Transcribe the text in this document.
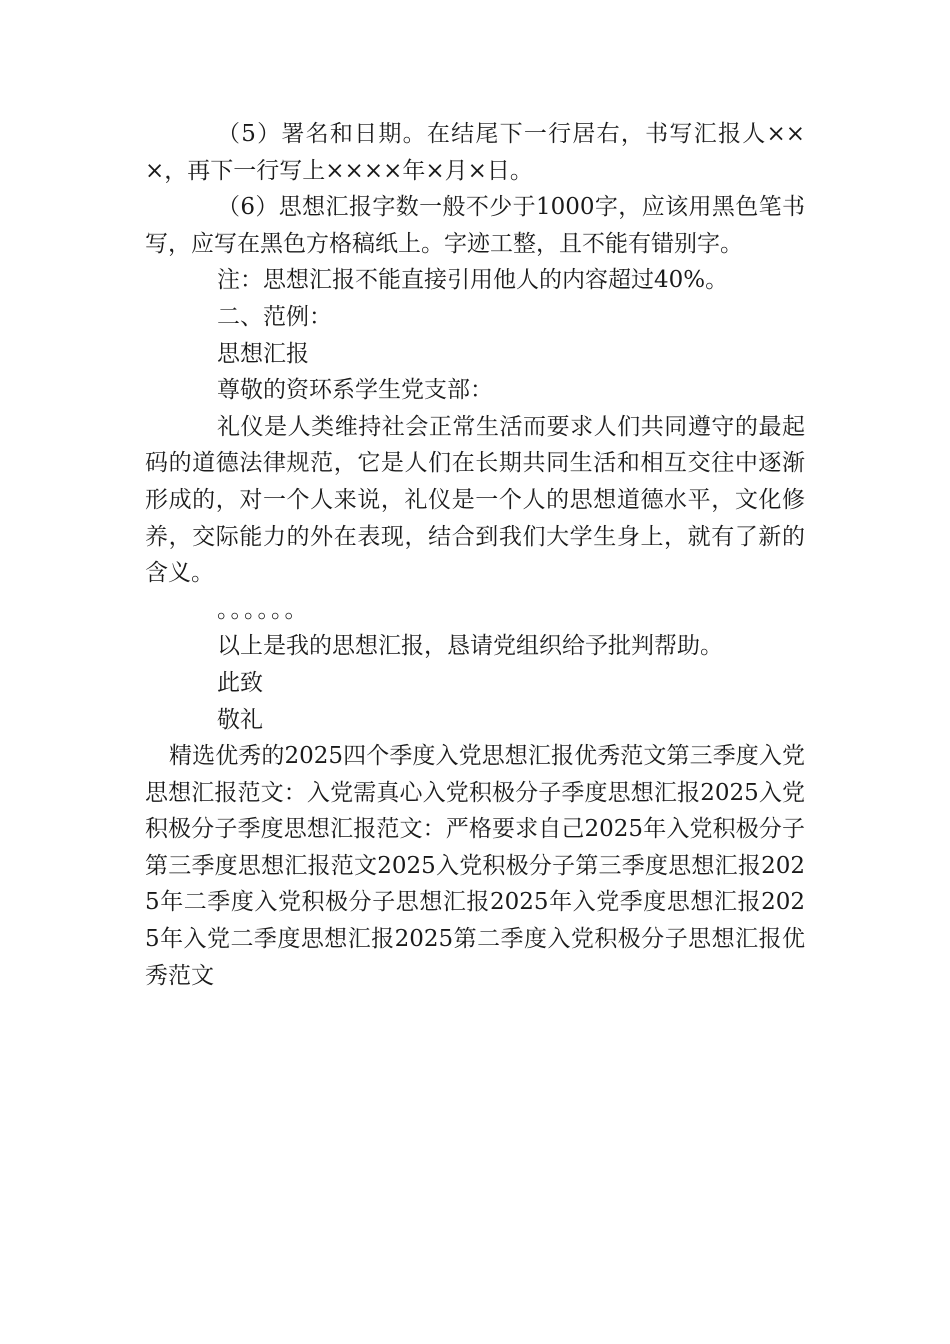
（5）署名和日期。在结尾下一行居右，书写汇报人×××，再下一行写上××××年×月×日。

（6）思想汇报字数一般不少于1000字，应该用黑色笔书写，应写在黑色方格稿纸上。字迹工整，且不能有错别字。

注：思想汇报不能直接引用他人的内容超过40%。

二、范例：

思想汇报

尊敬的资环系学生党支部：

礼仪是人类维持社会正常生活而要求人们共同遵守的最起码的道德法律规范，它是人们在长期共同生活和相互交往中逐渐形成的，对一个人来说，礼仪是一个人的思想道德水平，文化修养，交际能力的外在表现，结合到我们大学生身上，就有了新的含义。

。。。。。。

以上是我的思想汇报，恳请党组织给予批判帮助。

此致

敬礼

精选优秀的2025四个季度入党思想汇报优秀范文第三季度入党思想汇报范文：入党需真心入党积极分子季度思想汇报2025入党积极分子季度思想汇报范文：严格要求自己2025年入党积极分子第三季度思想汇报范文2025入党积极分子第三季度思想汇报2025年二季度入党积极分子思想汇报2025年入党季度思想汇报2025年入党二季度思想汇报2025第二季度入党积极分子思想汇报优秀范文
